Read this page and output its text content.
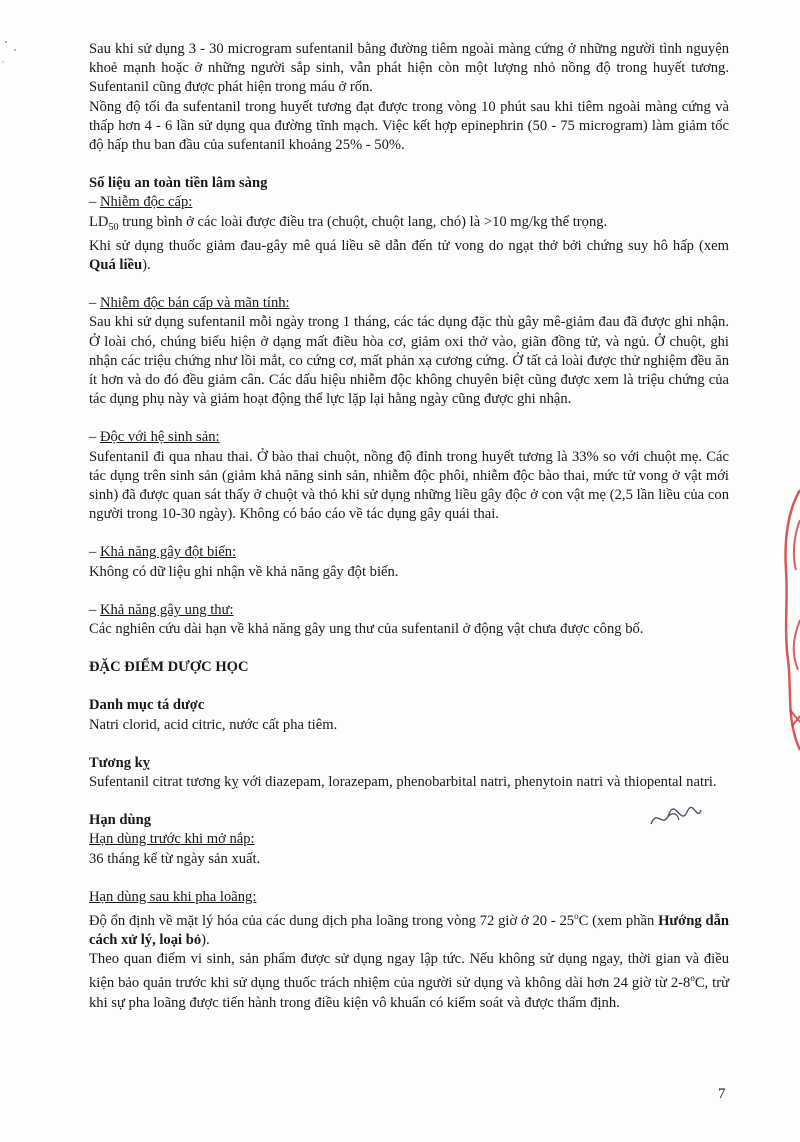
Sau khi sử dụng 3 - 30 microgram sufentanil bằng đường tiêm ngoài màng cứng ở những người tình nguyện khoẻ mạnh hoặc ở những người sắp sinh, vẫn phát hiện còn một lượng nhỏ nồng độ trong huyết tương. Sufentanil cũng được phát hiện trong máu ở rốn.

Nồng độ tối đa sufentanil trong huyết tương đạt được trong vòng 10 phút sau khi tiêm ngoài màng cứng và thấp hơn 4 - 6 lần sử dụng qua đường tĩnh mạch. Việc kết hợp epinephrin (50 - 75 microgram) làm giảm tốc độ hấp thu ban đầu của sufentanil khoảng 25% - 50%.

Số liệu an toàn tiền lâm sàng

– Nhiễm độc cấp:

$LD_{50}$ trung bình ở các loài được điều tra (chuột, chuột lang, chó) là >10 mg/kg thể trọng.

Khi sử dụng thuốc giảm đau-gây mê quá liều sẽ dẫn đến tử vong do ngạt thở bởi chứng suy hô hấp (xem Quá liều).

– Nhiễm độc bán cấp và mãn tính:

Sau khi sử dụng sufentanil mỗi ngày trong 1 tháng, các tác dụng đặc thù gây mê-giảm đau đã được ghi nhận. Ở loài chó, chúng biểu hiện ở dạng mất điều hòa cơ, giảm oxi thở vào, giãn đồng tử, và ngủ. Ở chuột, ghi nhận các triệu chứng như lồi mắt, co cứng cơ, mất phản xạ cương cứng. Ở tất cả loài được thử nghiệm đều ăn ít hơn và do đó đều giảm cân. Các dấu hiệu nhiễm độc không chuyên biệt cũng được xem là triệu chứng của tác dụng phụ này và giảm hoạt động thể lực lặp lại hằng ngày cũng được ghi nhận.

– Độc với hệ sinh sản:

Sufentanil đi qua nhau thai. Ở bào thai chuột, nồng độ đỉnh trong huyết tương là 33% so với chuột mẹ. Các tác dụng trên sinh sản (giảm khả năng sinh sản, nhiễm độc phôi, nhiễm độc bào thai, mức tử vong ở vật mới sinh) đã được quan sát thấy ở chuột và thỏ khi sử dụng những liều gây độc ở con vật mẹ (2,5 lần liều của con người trong 10-30 ngày). Không có báo cáo về tác dụng gây quái thai.

– Khả năng gây đột biến:

Không có dữ liệu ghi nhận về khả năng gây đột biến.

– Khả năng gây ung thư:

Các nghiên cứu dài hạn về khả năng gây ung thư của sufentanil ở động vật chưa được công bố.

ĐẶC ĐIỂM DƯỢC HỌC

Danh mục tá dược

Natri clorid, acid citric, nước cất pha tiêm.

Tương kỵ

Sufentanil citrat tương kỵ với diazepam, lorazepam, phenobarbital natri, phenytoin natri và thiopental natri.

Hạn dùng

Hạn dùng trước khi mở nắp:

36 tháng kể từ ngày sản xuất.

Hạn dùng sau khi pha loãng:

Độ ổn định về mặt lý hóa của các dung dịch pha loãng trong vòng 72 giờ ở 20 - 25$^o$C (xem phần Hướng dẫn cách xử lý, loại bỏ).

Theo quan điểm vi sinh, sản phẩm được sử dụng ngay lập tức. Nếu không sử dụng ngay, thời gian và điều kiện bảo quản trước khi sử dụng thuốc trách nhiệm của người sử dụng và không dài hơn 24 giờ từ 2-8$^o$C, trừ khi sự pha loãng được tiến hành trong điều kiện vô khuẩn có kiểm soát và được thẩm định.

7
